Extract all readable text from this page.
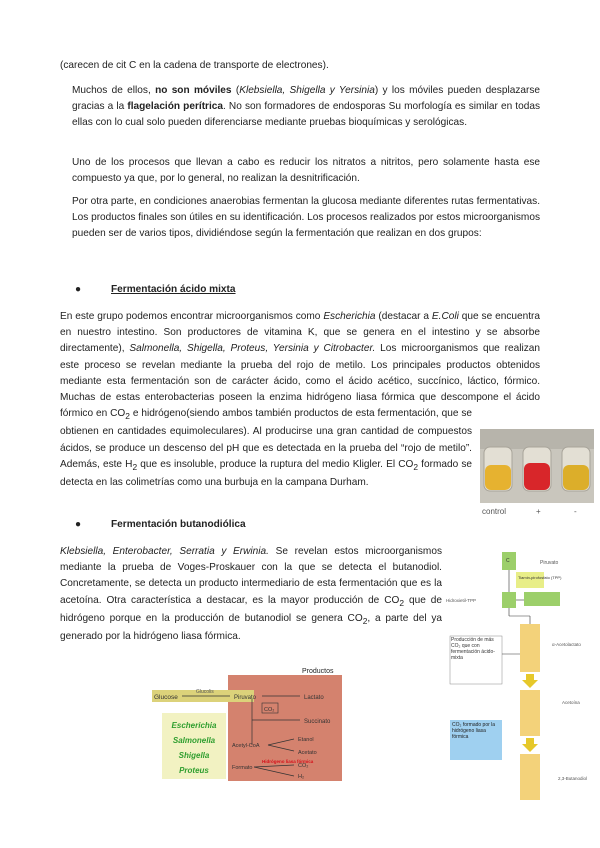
(carecen de cit C en la cadena de transporte de electrones).
Muchos de ellos, no son móviles (Klebsiella, Shigella y Yersinia) y los móviles pueden desplazarse gracias a la flagelación perítrica. No son formadores de endosporas Su morfología es similar en todas ellas con lo cual solo pueden diferenciarse mediante pruebas bioquímicas y serológicas.
Uno de los procesos que llevan a cabo es reducir los nitratos a nitritos, pero solamente hasta ese compuesto ya que, por lo general, no realizan la desnitrificación.
Por otra parte, en condiciones anaerobias fermentan la glucosa mediante diferentes rutas fermentativas. Los productos finales son útiles en su identificación. Los procesos realizados por estos microorganismos pueden ser de varios tipos, dividiéndose según la fermentación que realizan en dos grupos:
●	Fermentación ácido mixta
En este grupo podemos encontrar microorganismos como Escherichia (destacar a E.Coli que se encuentra en nuestro intestino. Son productores de vitamina K, que se genera en el intestino y se absorbe directamente), Salmonella, Shigella, Proteus, Yersinia y Citrobacter. Los microorganismos que realizan este proceso se revelan mediante la prueba del rojo de metilo. Los principales productos obtenidos mediante esta fermentación son de carácter ácido, como el ácido acético, succínico, láctico, fórmico. Muchas de estas enterobacterias poseen la enzima hidrógeno liasa fórmica que descompone el ácido fórmico en $CO_2$ e hidrógeno(siendo ambos también productos de esta fermentación, que se obtienen en cantidades equimoleculares). Al producirse una gran cantidad de compuestos ácidos, se produce un descenso del pH que es detectada en la prueba del “rojo de metilo”. Además, este $H_2$ que es insoluble, produce la ruptura del medio Kligler. El $CO_2$ formado se detecta en las colimetrías como una burbuja en la campana Durham.
control	+	-
●	Fermentación butanodiólica
Klebsiella, Enterobacter, Serratia y Erwinia. Se revelan estos microorganismos mediante la prueba de Voges-Proskauer con la que se detecta el butanodiol. Concretamente, se detecta un producto intermediario de esta fermentación que es la acetoína. Otra característica a destacar, es la mayor producción de $CO_2$ que de hidrógeno porque en la producción de butanodiol se genera $CO_2$, a parte del ya generado por la hidrógeno liasa fórmica.
Productos
Glucose
Glucolis
Piruvato	Lactato
CO₂
Succinato
Acetyl-CoA
Etanol
Acetato
Formato	CO₂
H₂
Hidrógeno liasa fórmica
Escherichia
Salmonella
Shigella
Proteus
C	Piruvato
Tiamin-pirofosfato (TPP)
Hidroxietil-TPP
α-Acetolactato
Acetoína
2,3-Butanodiol
Producción de más CO₂ que con fermentación ácido-mixta
CO₂ formado por la hidrógeno liasa fórmica
